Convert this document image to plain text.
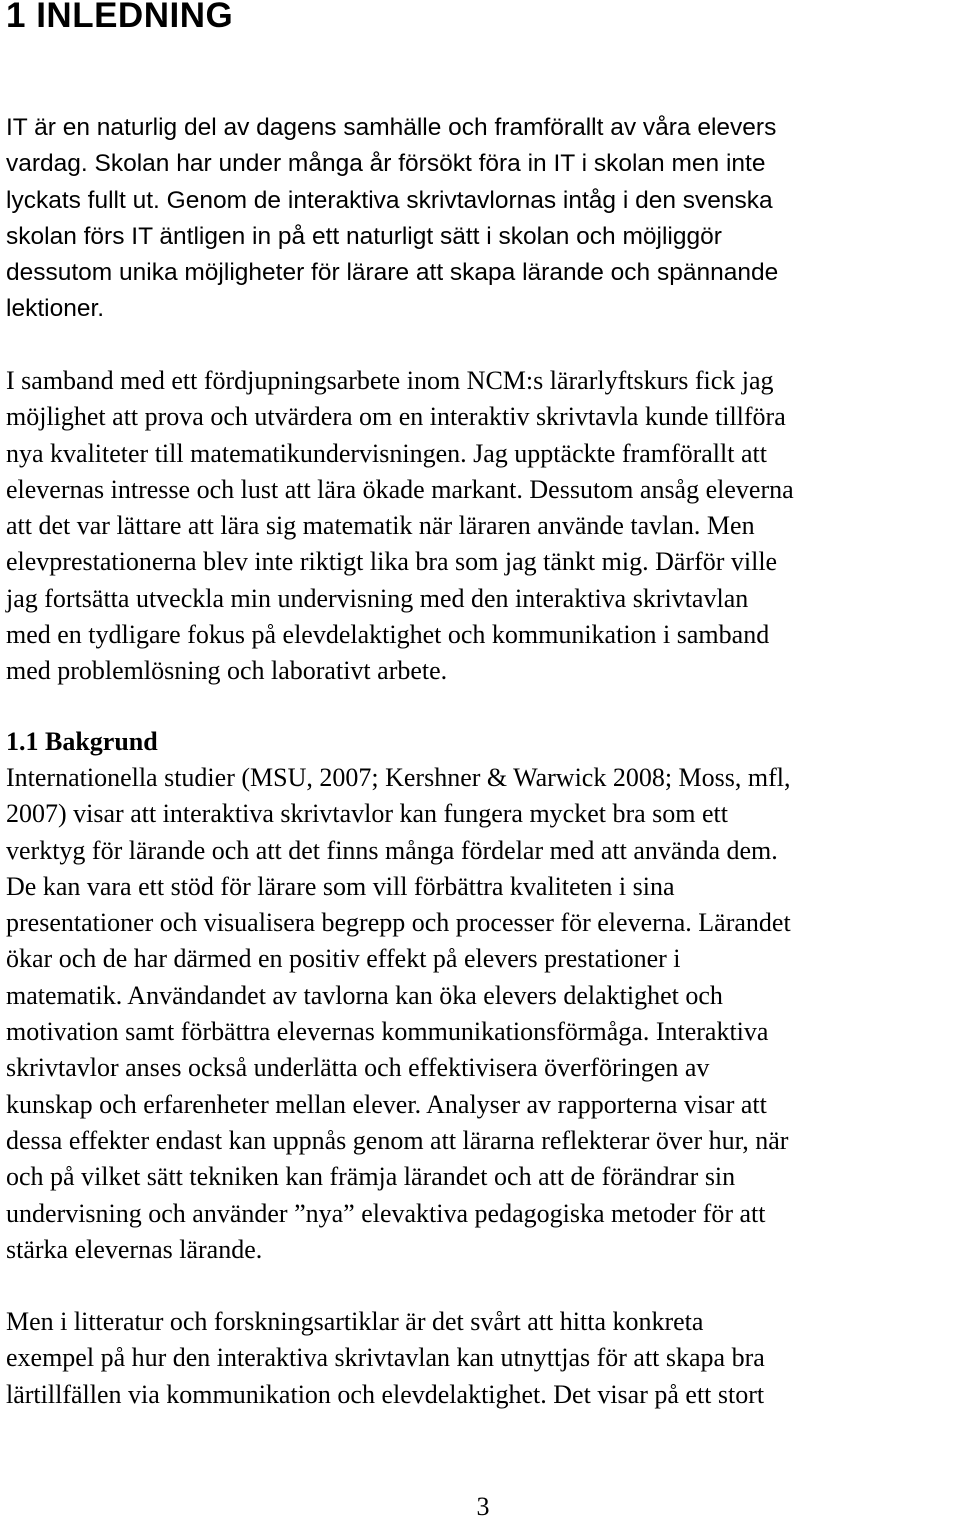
1 INLEDNING
IT är en naturlig del av dagens samhälle och framförallt av våra elevers
vardag. Skolan har under många år försökt föra in IT i skolan men inte
lyckats fullt ut. Genom de interaktiva skrivtavlornas intåg i den svenska
skolan förs IT äntligen in på ett naturligt sätt i skolan och möjliggör
dessutom unika möjligheter för lärare att skapa lärande och spännande
lektioner.
I samband med ett fördjupningsarbete inom NCM:s lärarlyftskurs fick jag
möjlighet att prova och utvärdera om en interaktiv skrivtavla kunde tillföra
nya kvaliteter till matematikundervisningen. Jag upptäckte framförallt att
elevernas intresse och lust att lära ökade markant. Dessutom ansåg eleverna
att det var lättare att lära sig matematik när läraren använde tavlan. Men
elevprestationerna blev inte riktigt lika bra som jag tänkt mig. Därför ville
jag fortsätta utveckla min undervisning med den interaktiva skrivtavlan
med en tydligare fokus på elevdelaktighet och kommunikation i samband
med problemlösning och laborativt arbete.
1.1 Bakgrund
Internationella studier (MSU, 2007; Kershner & Warwick 2008; Moss, mfl,
2007) visar att interaktiva skrivtavlor kan fungera mycket bra som ett
verktyg för lärande och att det finns många fördelar med att använda dem.
De kan vara ett stöd för lärare som vill förbättra kvaliteten i sina
presentationer och visualisera begrepp och processer för eleverna. Lärandet
ökar och de har därmed en positiv effekt på elevers prestationer i
matematik. Användandet av tavlorna kan öka elevers delaktighet och
motivation samt förbättra elevernas kommunikationsförmåga. Interaktiva
skrivtavlor anses också underlätta och effektivisera överföringen av
kunskap och erfarenheter mellan elever. Analyser av rapporterna visar att
dessa effekter endast kan uppnås genom att lärarna reflekterar över hur, när
och på vilket sätt tekniken kan främja lärandet och att de förändrar sin
undervisning och använder ”nya” elevaktiva pedagogiska metoder för att
stärka elevernas lärande.
Men i litteratur och forskningsartiklar är det svårt att hitta konkreta
exempel på hur den interaktiva skrivtavlan kan utnyttjas för att skapa bra
lärtillfällen via kommunikation och elevdelaktighet. Det visar på ett stort
3
